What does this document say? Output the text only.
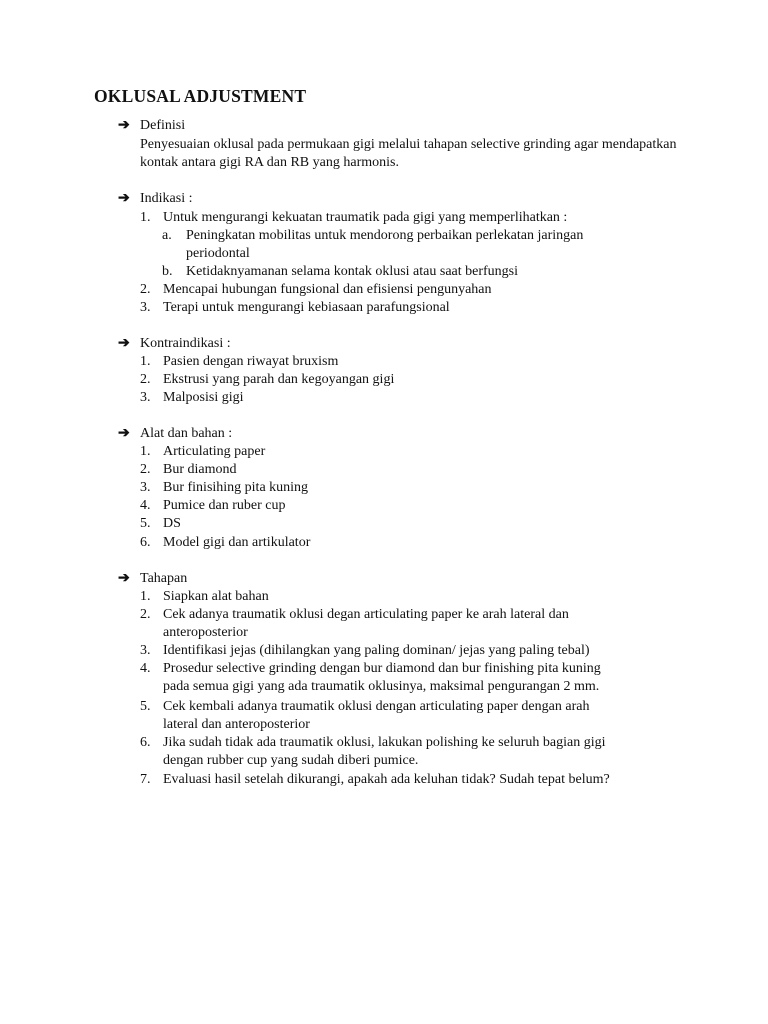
OKLUSAL ADJUSTMENT
➔ Definisi
Penyesuaian oklusal pada permukaan gigi melalui tahapan selective grinding agar mendapatkan kontak antara gigi RA dan RB yang harmonis.
➔ Indikasi :
1. Untuk mengurangi kekuatan traumatik pada gigi yang memperlihatkan :
a. Peningkatan mobilitas untuk mendorong perbaikan perlekatan jaringan
periodontal
b. Ketidaknyamanan selama kontak oklusi atau saat berfungsi
2. Mencapai hubungan fungsional dan efisiensi pengunyahan
3. Terapi untuk mengurangi kebiasaan parafungsional
➔ Kontraindikasi :
1. Pasien dengan riwayat bruxism
2. Ekstrusi yang parah dan kegoyangan gigi
3. Malposisi gigi
➔ Alat dan bahan :
1. Articulating paper
2. Bur diamond
3. Bur finisihing pita kuning
4. Pumice dan ruber cup
5. DS
6. Model gigi dan artikulator
➔ Tahapan
1. Siapkan alat bahan
2. Cek adanya traumatik oklusi degan articulating paper ke arah lateral dan
anteroposterior
3. Identifikasi jejas (dihilangkan yang paling dominan/ jejas yang paling tebal)
4. Prosedur selective grinding dengan bur diamond dan bur finishing pita kuning
pada semua gigi yang ada traumatik oklusinya, maksimal pengurangan 2 mm.
5. Cek kembali adanya traumatik oklusi dengan articulating paper dengan arah
lateral dan anteroposterior
6. Jika sudah tidak ada traumatik oklusi, lakukan polishing ke seluruh bagian gigi
dengan rubber cup yang sudah diberi pumice.
7. Evaluasi hasil setelah dikurangi, apakah ada keluhan tidak? Sudah tepat belum?
